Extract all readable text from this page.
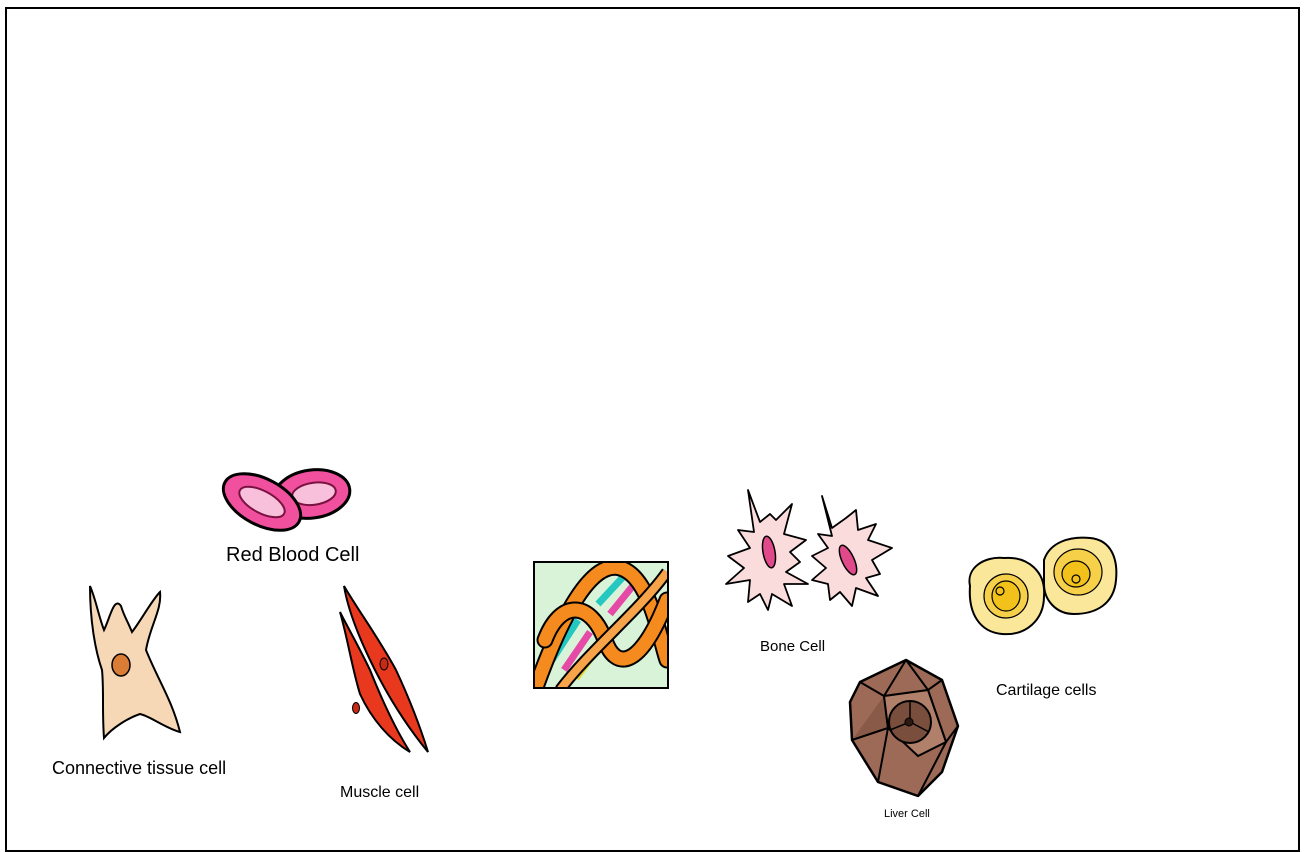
Red Blood Cell
Connective tissue cell
Muscle cell
Bone Cell
Cartilage cells
Liver Cell
